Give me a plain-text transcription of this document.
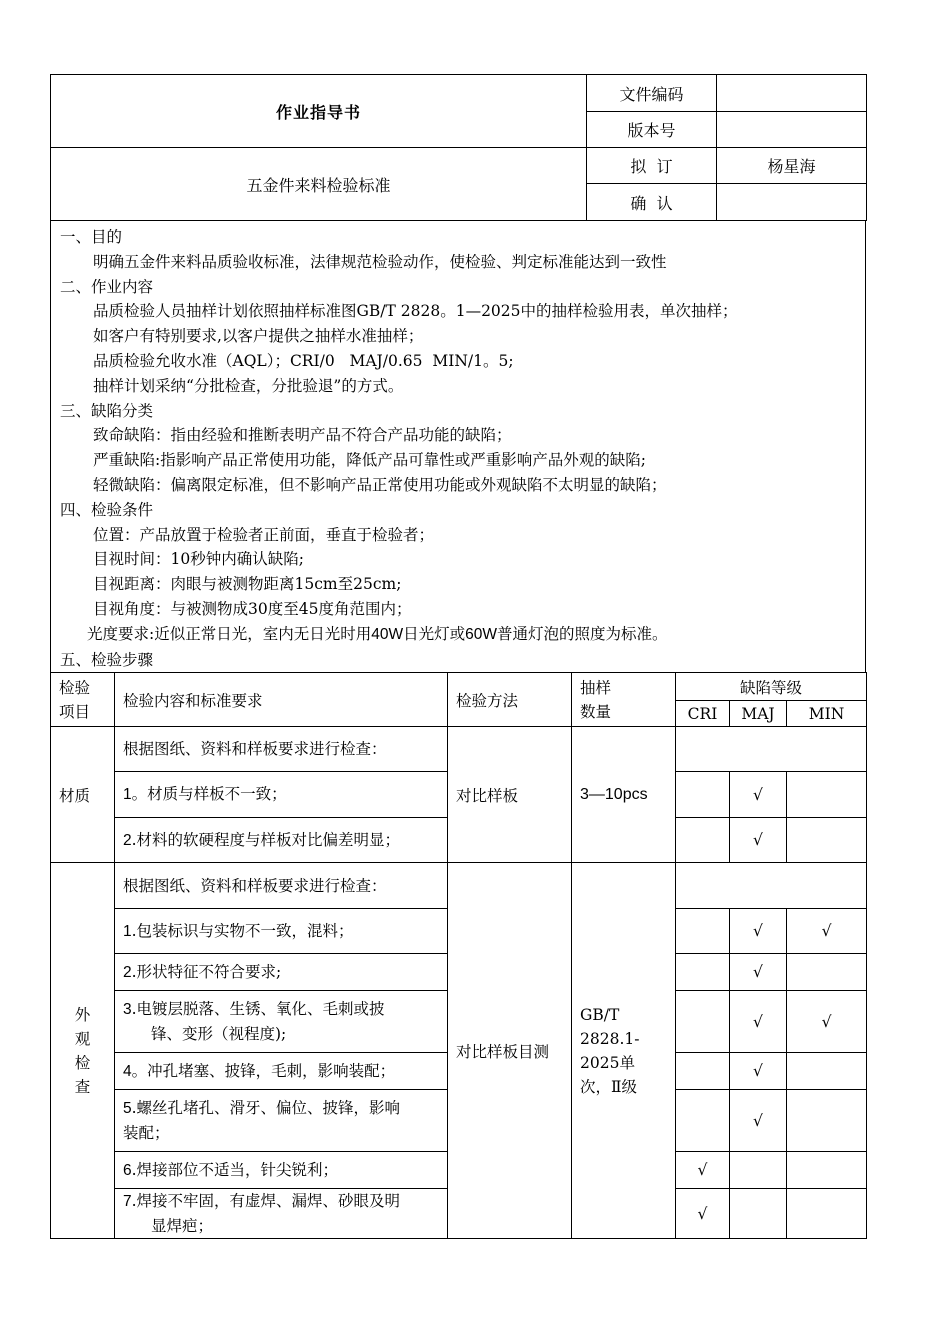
作业指导书	文件编码	
	版本号	
五金件来料检验标准	拟  订	杨星海
	确  认	
一、目的
明确五金件来料品质验收标准，法律规范检验动作，使检验、判定标准能达到一致性
二、作业内容
品质检验人员抽样计划依照抽样标准图GB/T 2828。1—2025中的抽样检验用表，单次抽样；
如客户有特别要求,以客户提供之抽样水准抽样；
品质检验允收水准（AQL）；CRI/0   MAJ/0.65  MIN/1。5;
抽样计划采纳“分批检查，分批验退”的方式。
三、缺陷分类
致命缺陷：指由经验和推断表明产品不符合产品功能的缺陷；
严重缺陷:指影响产品正常使用功能，降低产品可靠性或严重影响产品外观的缺陷;
轻微缺陷：偏离限定标准，但不影响产品正常使用功能或外观缺陷不太明显的缺陷；
四、检验条件
位置：产品放置于检验者正前面，垂直于检验者；
目视时间：10秒钟内确认缺陷;
目视距离：肉眼与被测物距离15cm至25cm;
目视角度：与被测物成30度至45度角范围内；
光度要求:近似正常日光，室内无日光时用40W日光灯或60W普通灯泡的照度为标准。
五、检验步骤
检验项目	检验内容和标准要求	检验方法	抽样数量	缺陷等级		
				CRI	MAJ	MIN
材质	根据图纸、资料和样板要求进行检查：	对比样板	3—10pcs			
	1。材质与样板不一致；				√	
	2.材料的软硬程度与样板对比偏差明显；				√	
外
观
检
查	根据图纸、资料和样板要求进行检查：	对比样板目测	GB/T
2828.1-
2025单
次，Ⅱ级			
	1.包装标识与实物不一致，混料；				√	√
	2.形状特征不符合要求;				√	
	3.电镀层脱落、生锈、氧化、毛刺或披
锋、变形（视程度);				√	√
	4。冲孔堵塞、披锋，毛刺，影响装配；				√	
	5.螺丝孔堵孔、滑牙、偏位、披锋，影响
装配；				√	
	6.焊接部位不适当，针尖锐利；			√		
	7.焊接不牢固，有虚焊、漏焊、砂眼及明
显焊疤；			√		
